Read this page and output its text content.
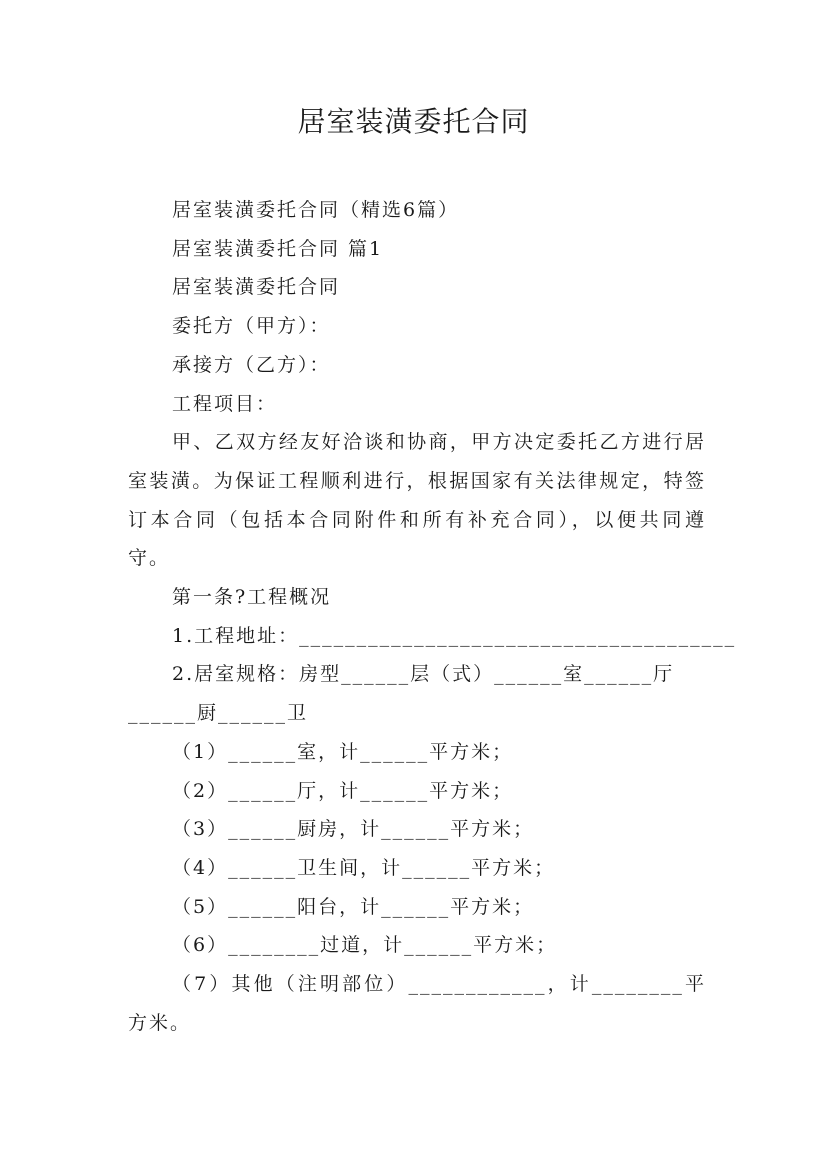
居室装潢委托合同

居室装潢委托合同（精选6篇）

居室装潢委托合同 篇1

居室装潢委托合同

委托方（甲方）：

承接方（乙方）：

工程项目：

甲、乙双方经友好洽谈和协商，甲方决定委托乙方进行居室装潢。为保证工程顺利进行，根据国家有关法律规定，特签订本合同（包括本合同附件和所有补充合同），以便共同遵守。

第一条?工程概况

1.工程地址：______________________________________

2.居室规格：房型______层（式）______室______厅

______厨______卫

（1）______室，计______平方米；

（2）______厅，计______平方米；

（3）______厨房，计______平方米；

（4）______卫生间，计______平方米；

（5）______阳台，计______平方米；

（6）________过道，计______平方米；

（7）其他（注明部位）____________，计________平方米。
